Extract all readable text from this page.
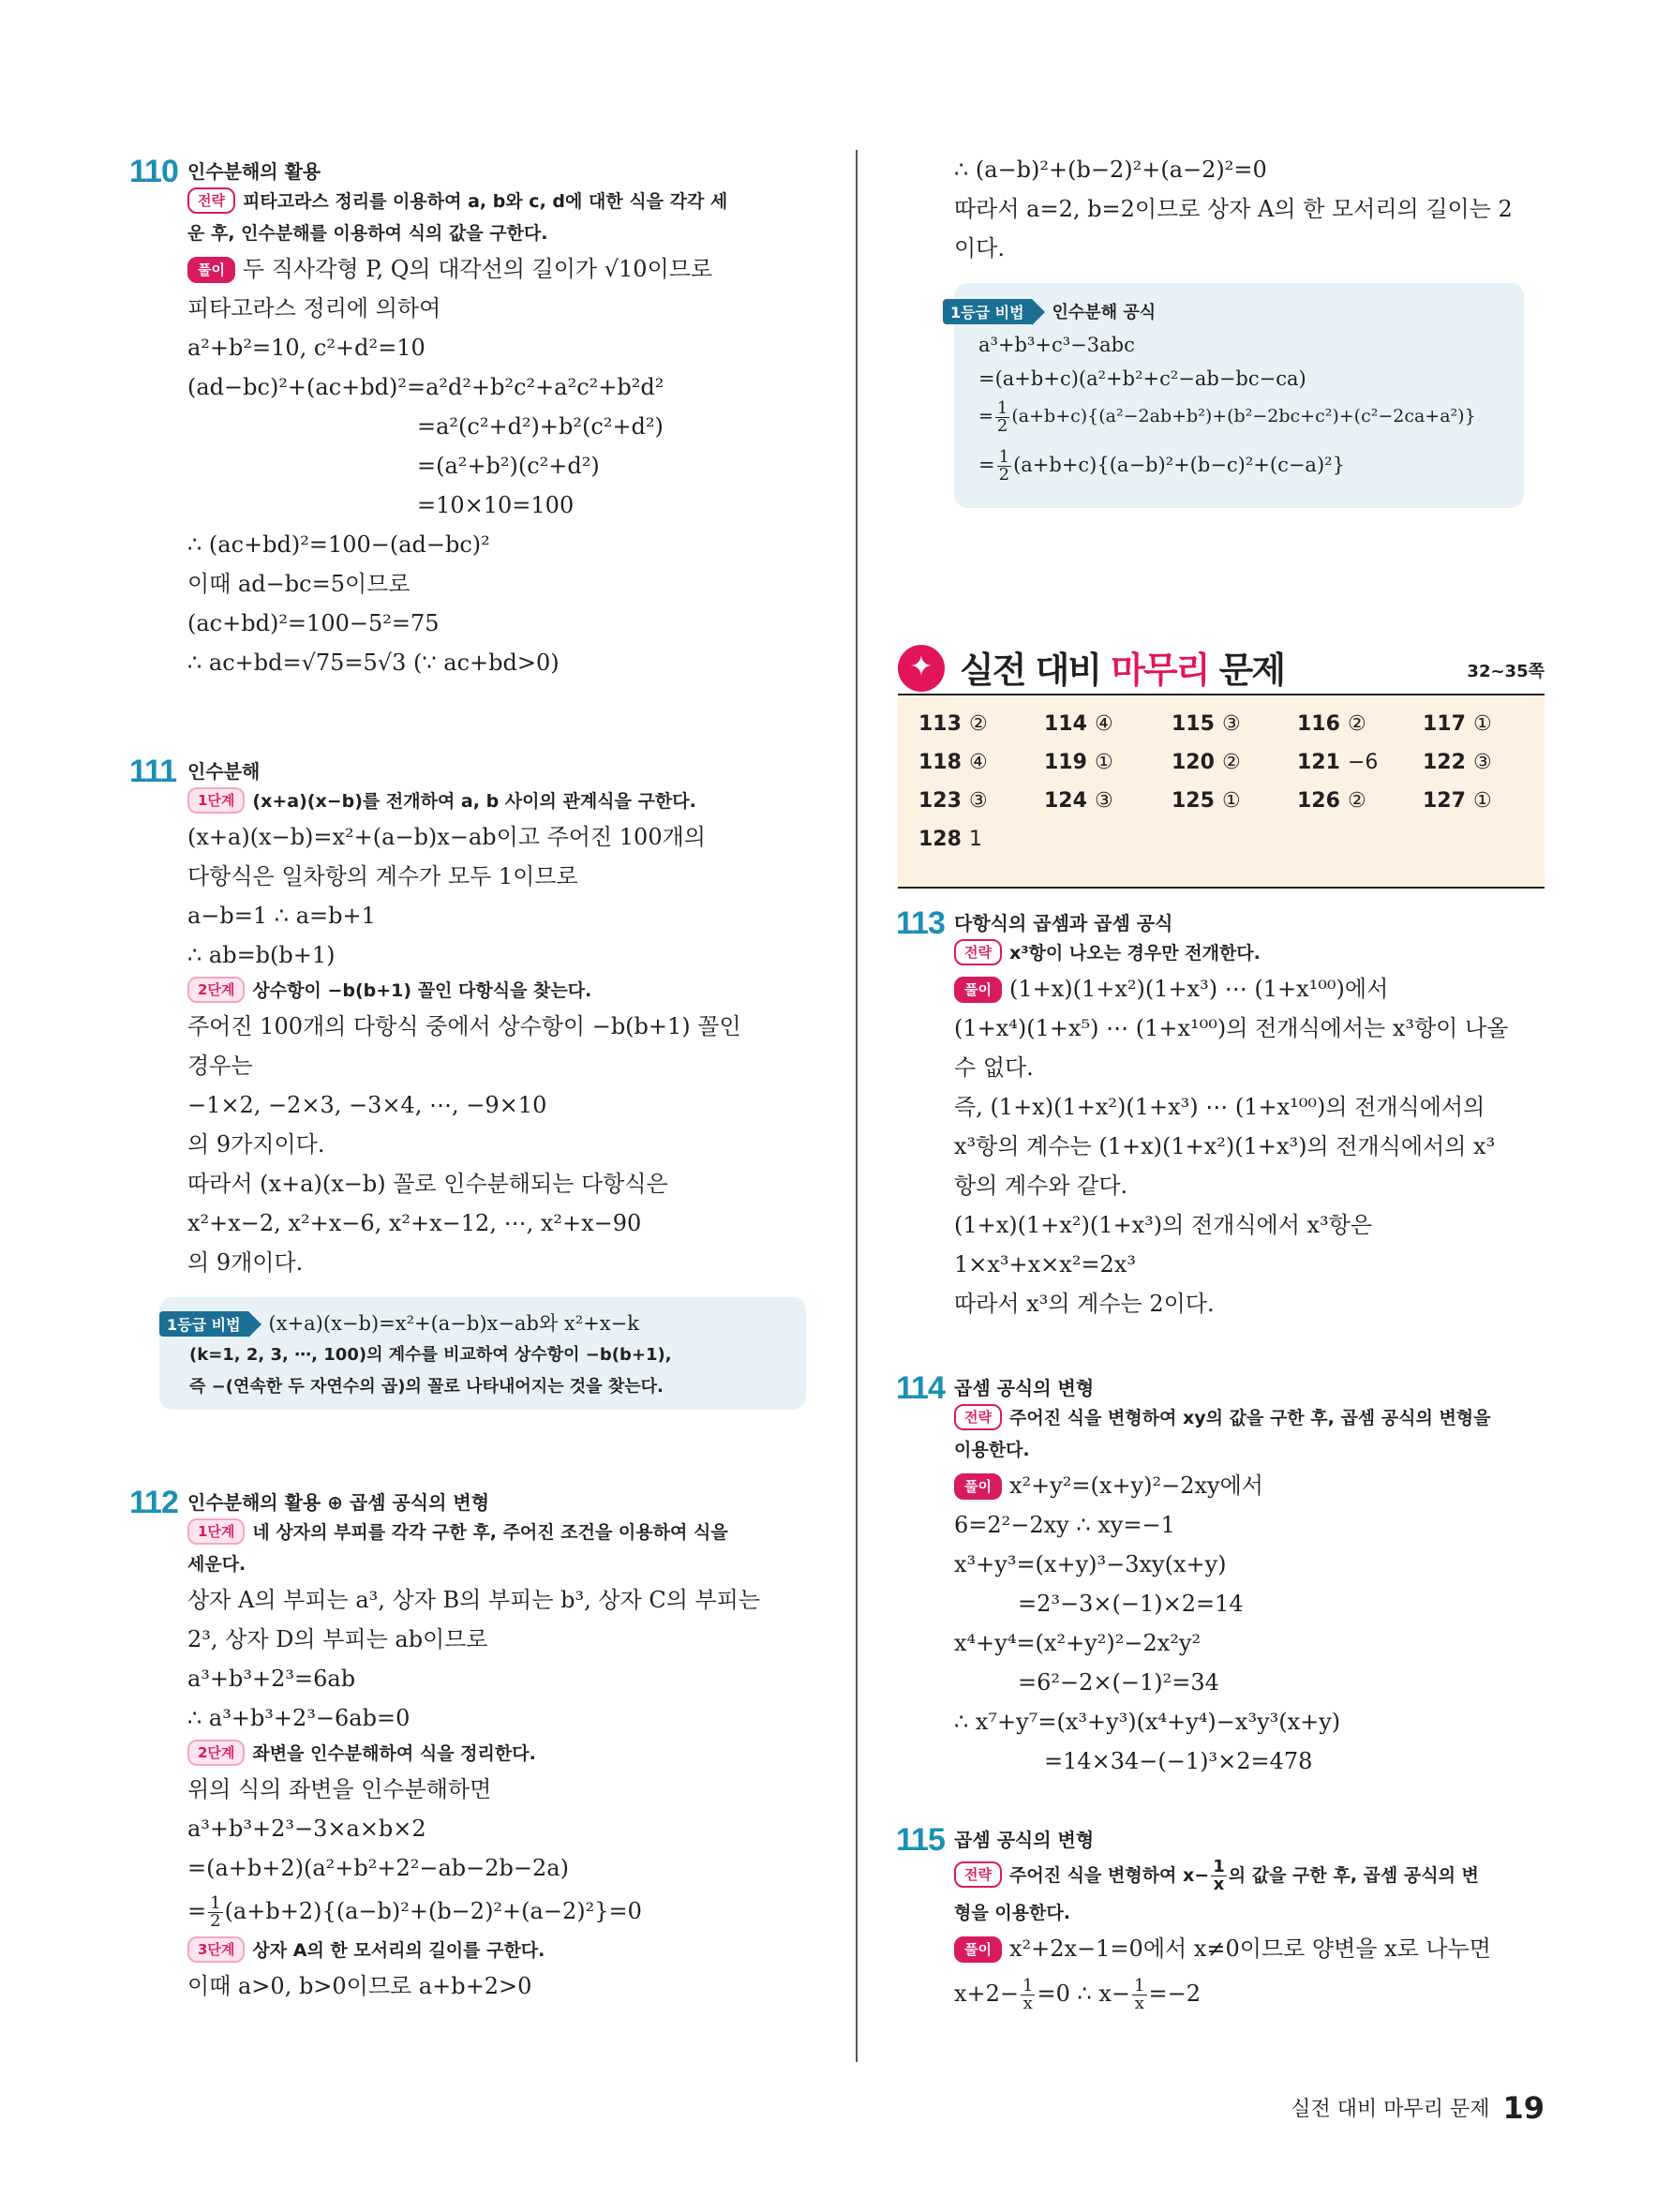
110 인수분해의 활용
전략 피타고라스 정리를 이용하여 a, b와 c, d에 대한 식을 각각 세
운 후, 인수분해를 이용하여 식의 값을 구한다.
풀이 두 직사각형 P, Q의 대각선의 길이가 √10이므로
피타고라스 정리에 의하여
a²+b²=10, c²+d²=10
(ad−bc)²+(ac+bd)²=a²d²+b²c²+a²c²+b²d²
=a²(c²+d²)+b²(c²+d²)
=(a²+b²)(c²+d²)
=10×10=100
∴ (ac+bd)²=100−(ad−bc)²
이때 ad−bc=5이므로
(ac+bd)²=100−5²=75
∴ ac+bd=√75=5√3 (∵ ac+bd>0)
111 인수분해
1단계 (x+a)(x−b)를 전개하여 a, b 사이의 관계식을 구한다.
(x+a)(x−b)=x²+(a−b)x−ab이고 주어진 100개의
다항식은 일차항의 계수가 모두 1이므로
a−b=1 ∴ a=b+1
∴ ab=b(b+1)
2단계 상수항이 −b(b+1) 꼴인 다항식을 찾는다.
주어진 100개의 다항식 중에서 상수항이 −b(b+1) 꼴인
경우는
−1×2, −2×3, −3×4, ⋯, −9×10
의 9가지이다.
따라서 (x+a)(x−b) 꼴로 인수분해되는 다항식은
x²+x−2, x²+x−6, x²+x−12, ⋯, x²+x−90
의 9개이다.
1등급 비법 (x+a)(x−b)=x²+(a−b)x−ab와 x²+x−k
(k=1, 2, 3, ⋯, 100)의 계수를 비교하여 상수항이 −b(b+1),
즉 −(연속한 두 자연수의 곱)의 꼴로 나타내어지는 것을 찾는다.
112 인수분해의 활용 ⊕ 곱셈 공식의 변형
1단계 네 상자의 부피를 각각 구한 후, 주어진 조건을 이용하여 식을
세운다.
상자 A의 부피는 a³, 상자 B의 부피는 b³, 상자 C의 부피는
2³, 상자 D의 부피는 ab이므로
a³+b³+2³=6ab
∴ a³+b³+2³−6ab=0
2단계 좌변을 인수분해하여 식을 정리한다.
위의 식의 좌변을 인수분해하면
a³+b³+2³−3×a×b×2
=(a+b+2)(a²+b²+2²−ab−2b−2a)
= $\frac{1}{2} (a+b+2)\{(a-b)^2+(b-2)^2+(a-2)^2\}=0$
3단계 상자 A의 한 모서리의 길이를 구한다.
이때 a>0, b>0이므로 a+b+2>0
∴ (a−b)²+(b−2)²+(a−2)²=0
따라서 a=2, b=2이므로 상자 A의 한 모서리의 길이는 2
이다.
1등급 비법 인수분해 공식
a³+b³+c³−3abc
=(a+b+c)(a²+b²+c²−ab−bc−ca)
= $\frac{1}{2} (a+b+c)\{(a^2-2ab+b^2)+(b^2-2bc+c^2)+(c^2-2ca+a^2)\}$
= $\frac{1}{2} (a+b+c)\{(a-b)^2+(b-c)^2+(c-a)^2\}$
✦ 실전 대비 마무리 문제	32~35쪽
113 ②	114 ④	115 ③	116 ②	117 ①
118 ④	119 ①	120 ②	121 −6 122 ③
123 ③	124 ③	125 ①	126 ②	127 ①
128 1
113 다항식의 곱셈과 곱셈 공식
전략 x³항이 나오는 경우만 전개한다.
풀이 (1+x)(1+x²)(1+x³) ⋯ (1+x¹⁰⁰)에서
(1+x⁴)(1+x⁵) ⋯ (1+x¹⁰⁰)의 전개식에서는 x³항이 나올
수 없다.
즉, (1+x)(1+x²)(1+x³) ⋯ (1+x¹⁰⁰)의 전개식에서의
x³항의 계수는 (1+x)(1+x²)(1+x³)의 전개식에서의 x³
항의 계수와 같다.
(1+x)(1+x²)(1+x³)의 전개식에서 x³항은
1×x³+x×x²=2x³
따라서 x³의 계수는 2이다.
114 곱셈 공식의 변형
전략 주어진 식을 변형하여 xy의 값을 구한 후, 곱셈 공식의 변형을
이용한다.
풀이 x²+y²=(x+y)²−2xy에서
6=2²−2xy ∴ xy=−1
x³+y³=(x+y)³−3xy(x+y)
=2³−3×(−1)×2=14
x⁴+y⁴=(x²+y²)²−2x²y²
=6²−2×(−1)²=34
∴ x⁷+y⁷=(x³+y³)(x⁴+y⁴)−x³y³(x+y)
=14×34−(−1)³×2=478
115 곱셈 공식의 변형
전략 주어진 식을 변형하여 $x- \frac{1}{x}$ 의 값을 구한 후, 곱셈 공식의 변
형을 이용한다.
풀이 x²+2x−1=0에서 x≠0이므로 양변을 x로 나누면
$x+2- \frac{1}{x} =0$ ∴ $x- \frac{1}{x} =-2$
실전 대비 마무리 문제 19
